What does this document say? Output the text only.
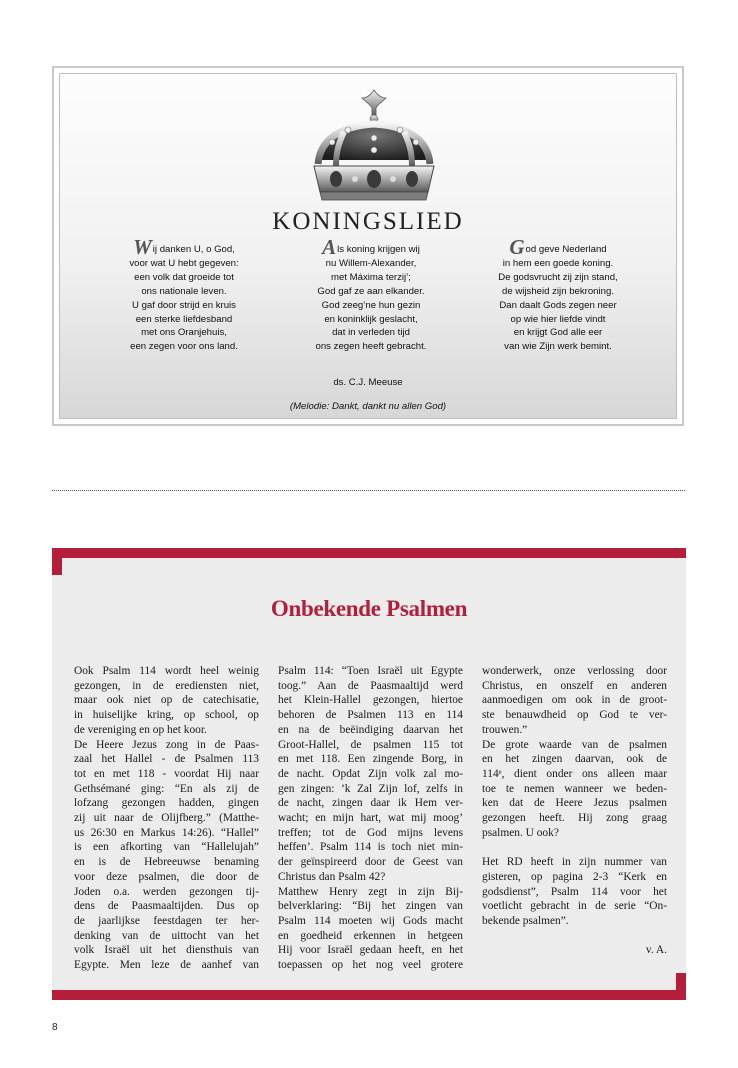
KONINGSLIED
Wij danken U, o God,
voor wat U hebt gegeven:
een volk dat groeide tot
ons nationale leven.
U gaf door strijd en kruis
een sterke liefdesband
met ons Oranjehuis,
een zegen voor ons land.
Als koning krijgen wij
nu Willem-Alexander,
met Máxima terzij’;
God gaf ze aan elkander.
God zeeg’ne hun gezin
en koninklijk geslacht,
dat in verleden tijd
ons zegen heeft gebracht.
God geve Nederland
in hem een goede koning.
De godsvrucht zij zijn stand,
de wijsheid zijn bekroning.
Dan daalt Gods zegen neer
op wie hier liefde vindt
en krijgt God alle eer
van wie Zijn werk bemint.
ds. C.J. Meeuse
(Melodie: Dankt, dankt nu allen God)
Onbekende Psalmen
Ook Psalm 114 wordt heel weinig
gezongen, in de erediensten niet,
maar ook niet op de catechisatie,
in huiselijke kring, op school, op
de vereniging en op het koor.
De Heere Jezus zong in de Paas-
zaal het Hallel - de Psalmen 113
tot en met 118 - voordat Hij naar
Gethsémané ging: “En als zij de
lofzang gezongen hadden, gingen
zij uit naar de Olijfberg.” (Matthe-
us 26:30 en Markus 14:26). “Hallel”
is een afkorting van “Hallelujah”
en is de Hebreeuwse benaming
voor deze psalmen, die door de
Joden o.a. werden gezongen tij-
dens de Paasmaaltijden. Dus op
de jaarlijkse feestdagen ter her-
denking van de uittocht van het
volk Israël uit het diensthuis van
Egypte. Men leze de aanhef van
Psalm 114: “Toen Israël uit Egypte
toog.” Aan de Paasmaaltijd werd
het Klein-Hallel gezongen, hiertoe
behoren de Psalmen 113 en 114
en na de beëindiging daarvan het
Groot-Hallel, de psalmen 115 tot
en met 118. Een zingende Borg, in
de nacht. Opdat Zijn volk zal mo-
gen zingen: ’k Zal Zijn lof, zelfs in
de nacht, zingen daar ik Hem ver-
wacht; en mijn hart, wat mij moog’
treffen; tot de God mijns levens
heffen’. Psalm 114 is toch niet min-
der geïnspireerd door de Geest van
Christus dan Psalm 42?
Matthew Henry zegt in zijn Bij-
belverklaring: “Bij het zingen van
Psalm 114 moeten wij Gods macht
en goedheid erkennen in hetgeen
Hij voor Israël gedaan heeft, en het
toepassen op het nog veel grotere
wonderwerk, onze verlossing door
Christus, en onszelf en anderen
aanmoedigen om ook in de groot-
ste benauwdheid op God te ver-
trouwen.”
De grote waarde van de psalmen
en het zingen daarvan, ook de
114ᵉ, dient onder ons alleen maar
toe te nemen wanneer we beden-
ken dat de Heere Jezus psalmen
gezongen heeft. Hij zong graag
psalmen. U ook?
Het RD heeft in zijn nummer van
gisteren, op pagina 2-3 “Kerk en
godsdienst”, Psalm 114 voor het
voetlicht gebracht in de serie “On-
bekende psalmen”.
v. A.
8
